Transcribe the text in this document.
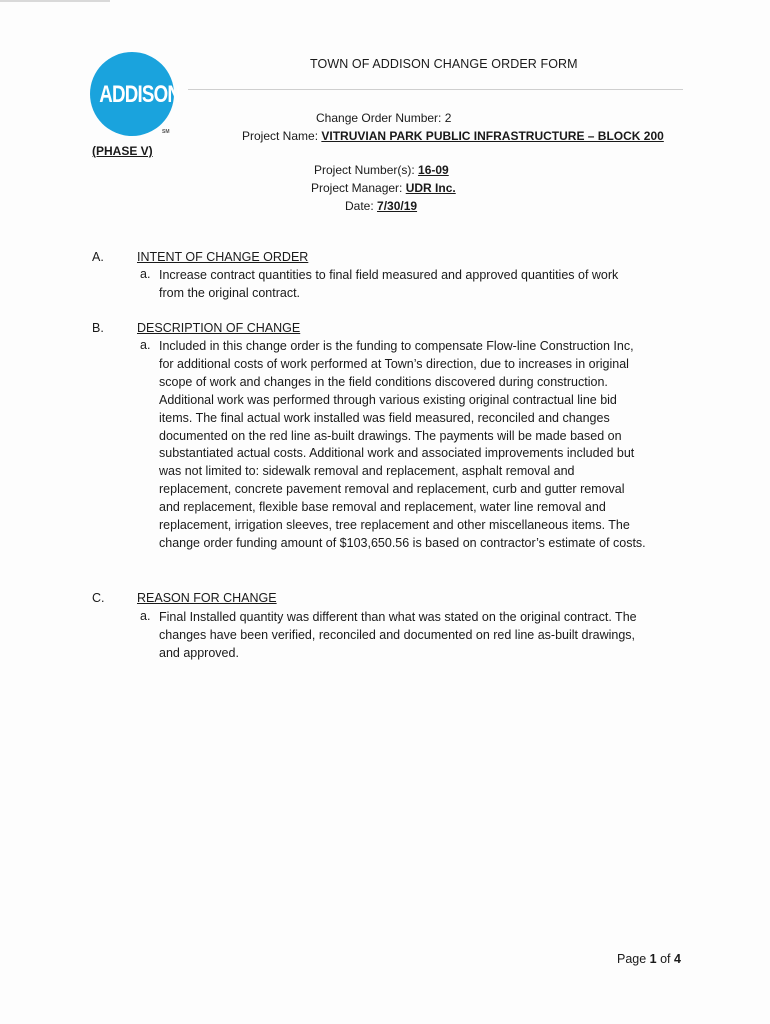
ADDISON
SM
TOWN OF ADDISON CHANGE ORDER FORM
Change Order Number: 2
Project Name: VITRUVIAN PARK PUBLIC INFRASTRUCTURE – BLOCK 200
(PHASE V)
Project Number(s): 16-09
Project Manager: UDR Inc.
Date: 7/30/19
A.	INTENT OF CHANGE ORDER
a. Increase contract quantities to final field measured and approved quantities of work
from the original contract.
B.	DESCRIPTION OF CHANGE
a. Included in this change order is the funding to compensate Flow-line Construction Inc,
for additional costs of work performed at Town’s direction, due to increases in original
scope of work and changes in the field conditions discovered during construction.
Additional work was performed through various existing original contractual line bid
items. The final actual work installed was field measured, reconciled and changes
documented on the red line as-built drawings. The payments will be made based on
substantiated actual costs. Additional work and associated improvements included but
was not limited to: sidewalk removal and replacement, asphalt removal and
replacement, concrete pavement removal and replacement, curb and gutter removal
and replacement, flexible base removal and replacement, water line removal and
replacement, irrigation sleeves, tree replacement and other miscellaneous items. The
change order funding amount of $103,650.56 is based on contractor’s estimate of costs.
C.	REASON FOR CHANGE
a. Final Installed quantity was different than what was stated on the original contract. The
changes have been verified, reconciled and documented on red line as-built drawings,
and approved.
Page 1 of 4
